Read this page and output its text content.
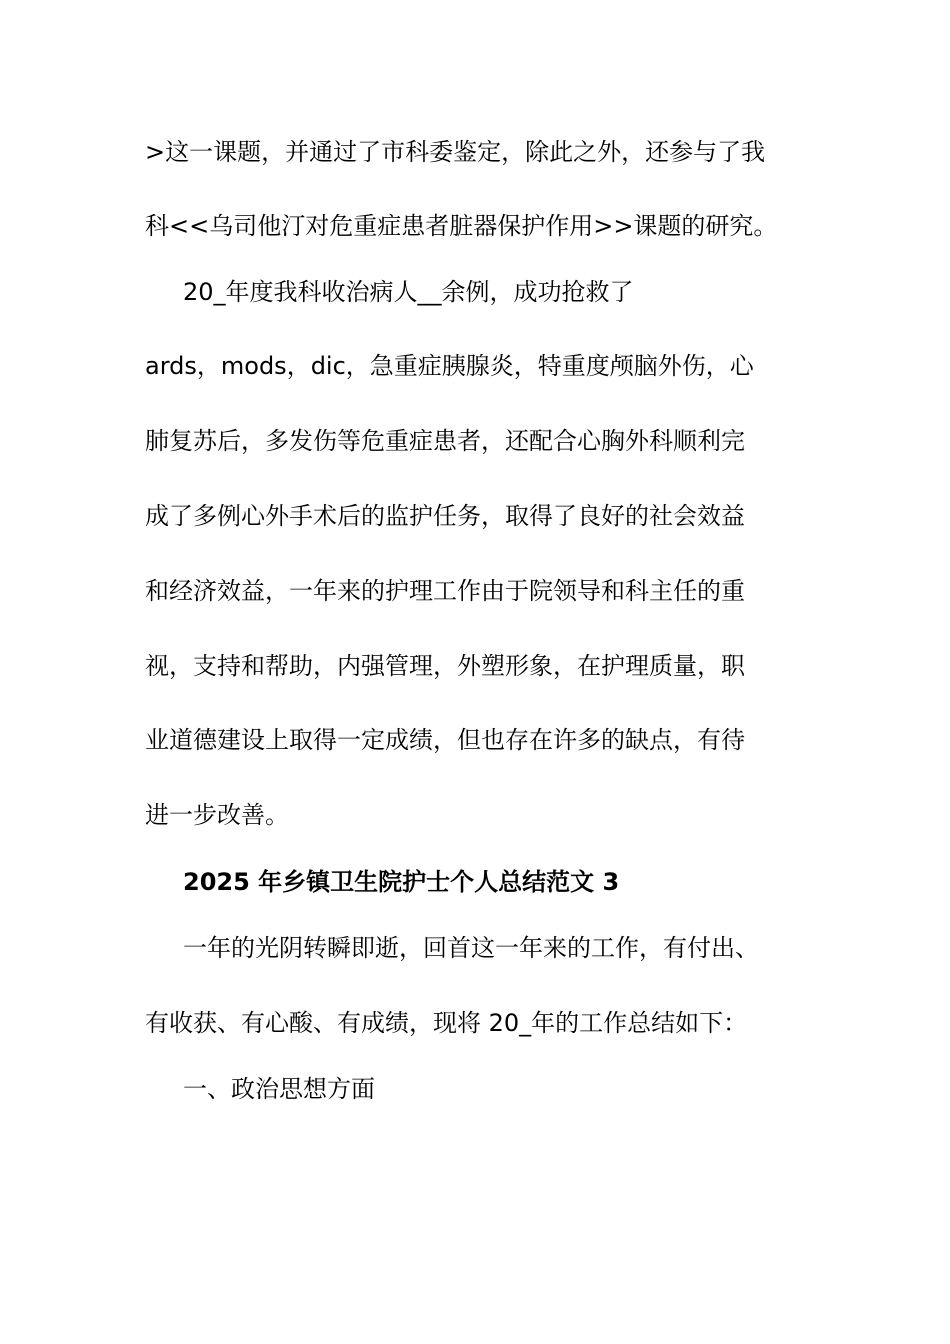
>这一课题，并通过了市科委鉴定，除此之外，还参与了我
科<<乌司他汀对危重症患者脏器保护作用>>课题的研究。
20_年度我科收治病人__余例，成功抢救了
ards，mods，dic，急重症胰腺炎，特重度颅脑外伤，心
肺复苏后，多发伤等危重症患者，还配合心胸外科顺利完
成了多例心外手术后的监护任务，取得了良好的社会效益
和经济效益，一年来的护理工作由于院领导和科主任的重
视，支持和帮助，内强管理，外塑形象，在护理质量，职
业道德建设上取得一定成绩，但也存在许多的缺点，有待
进一步改善。
2025 年乡镇卫生院护士个人总结范文 3
一年的光阴转瞬即逝，回首这一年来的工作，有付出、
有收获、有心酸、有成绩，现将 20_年的工作总结如下：
一、政治思想方面
